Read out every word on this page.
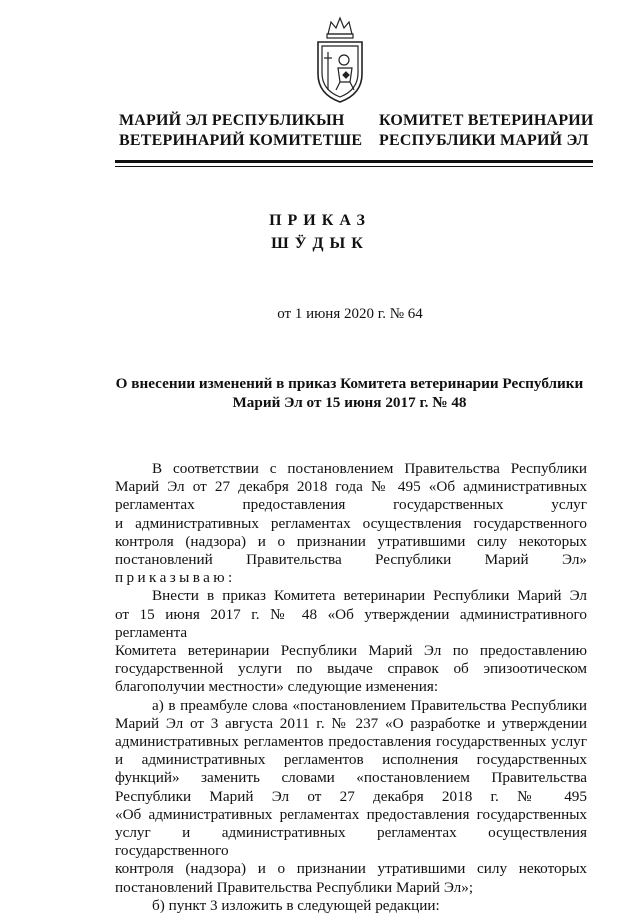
МАРИЙ ЭЛ РЕСПУБЛИКЫН
ВЕТЕРИНАРИЙ КОМИТЕТШЕ
КОМИТЕТ ВЕТЕРИНАРИИ
РЕСПУБЛИКИ МАРИЙ ЭЛ
ПРИКАЗ
ШӰДЫК
от 1 июня 2020 г. № 64
О внесении изменений в приказ Комитета ветеринарии Республики
Марий Эл от 15 июня 2017 г. № 48
В соответствии с постановлением Правительства Республики
Марий Эл от 27 декабря 2018 года № 495 «Об административных
регламентах предоставления государственных услуг
и административных регламентах осуществления государственного
контроля (надзора) и о признании утратившими силу некоторых
постановлений Правительства Республики Марий Эл»
приказываю:
Внести в приказ Комитета ветеринарии Республики Марий Эл
от 15 июня 2017 г. № 48 «Об утверждении административного регламента
Комитета ветеринарии Республики Марий Эл по предоставлению
государственной услуги по выдаче справок об эпизоотическом
благополучии местности» следующие изменения:
а) в преамбуле слова «постановлением Правительства Республики
Марий Эл от 3 августа 2011 г. № 237 «О разработке и утверждении
административных регламентов предоставления государственных услуг
и административных регламентов исполнения государственных
функций» заменить словами «постановлением Правительства
Республики Марий Эл от 27 декабря 2018 г. № 495
«Об административных регламентах предоставления государственных
услуг и административных регламентах осуществления государственного
контроля (надзора) и о признании утратившими силу некоторых
постановлений Правительства Республики Марий Эл»;
б) пункт 3 изложить в следующей редакции:
